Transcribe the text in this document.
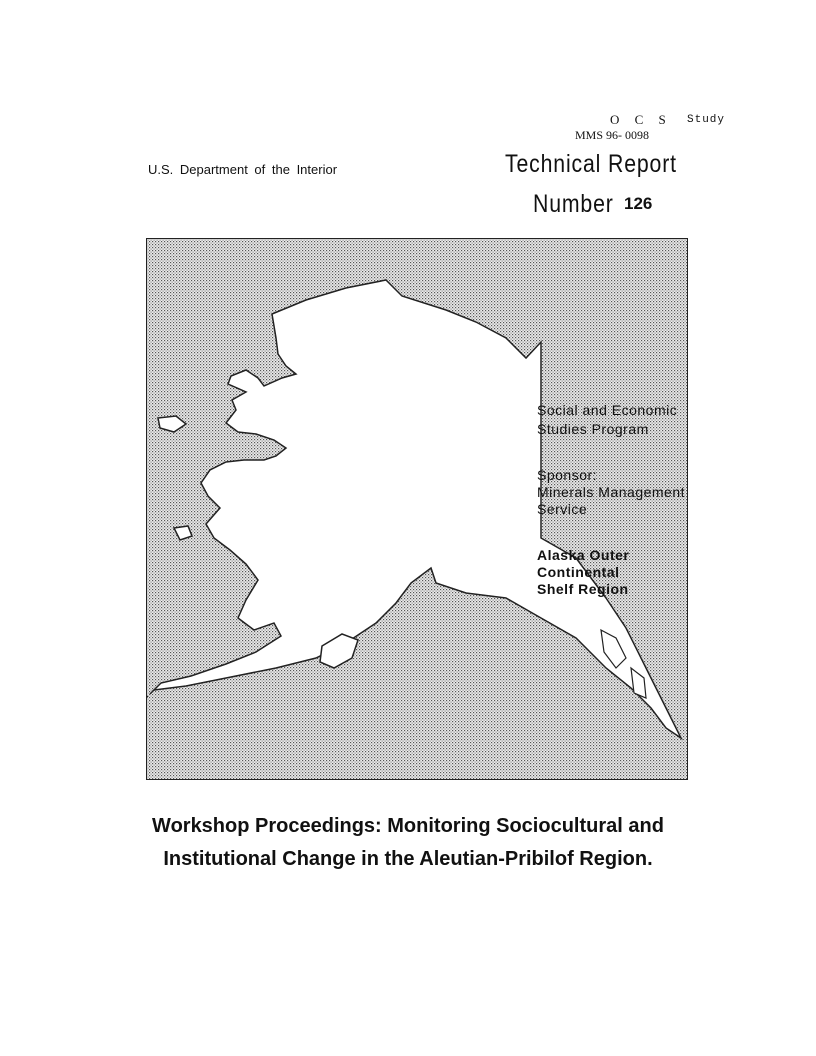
O C S Study
MMS 96- 0098
U.S. Department of the Interior	Technical Report
Number 126
Social and Economic
Studies Program
Sponsor:
Minerals Management
Service
Alaska Outer
Continental
Shelf Region
Workshop Proceedings: Monitoring Sociocultural and
Institutional Change in the Aleutian-Pribilof Region.
